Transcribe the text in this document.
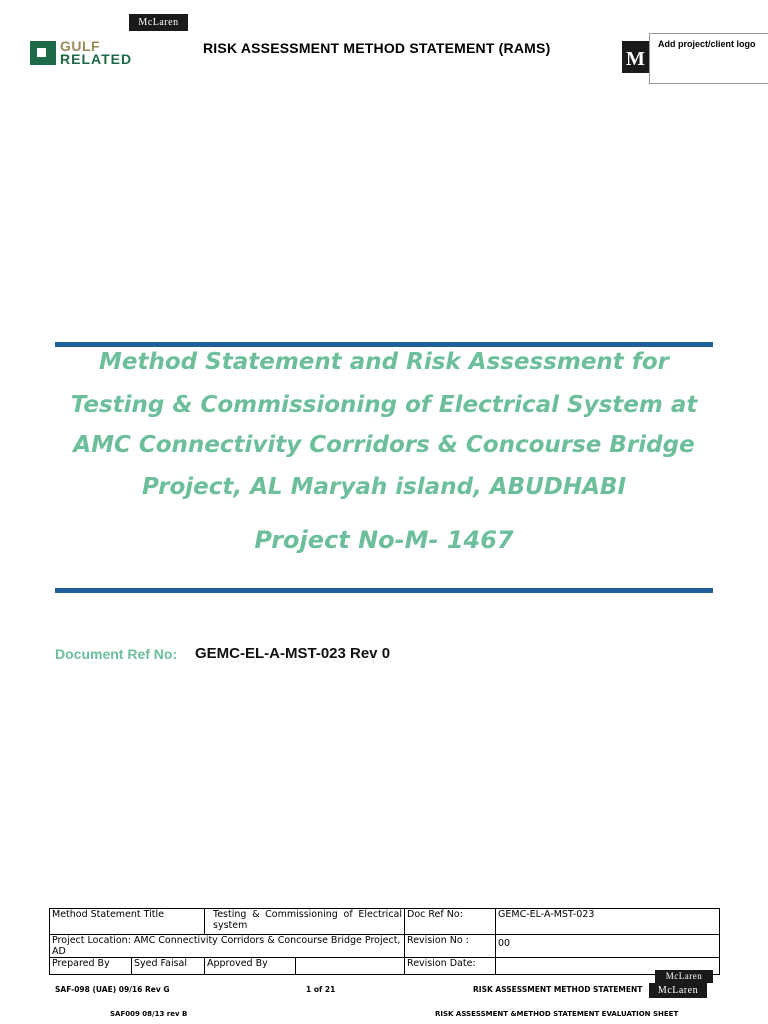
McLaren
GULF
RELATED
RISK ASSESSMENT METHOD STATEMENT (RAMS)	M
Add project/client logo
Method Statement and Risk Assessment for
Testing & Commissioning of Electrical System at
AMC Connectivity Corridors & Concourse Bridge
Project, AL Maryah island, ABUDHABI
Project No-M- 1467
Document Ref No: GEMC-EL-A-MST-023 Rev 0
Method Statement Title		Testing & Commissioning of Electrical system		Doc Ref No:	GEMC-EL-A-MST-023
Project Location: AMC Connectivity Corridors & Concourse Bridge Project, AD				Revision No :	00
Prepared By	Syed Faisal	Approved By		Revision Date:	
SAF-098 (UAE) 09/16 Rev G	1 of 21	RISK ASSESSMENT METHOD STATEMENT
McLaren
McLaren
SAF009 08/13 rev B	RISK ASSESSMENT &METHOD STATEMENT EVALUATION SHEET
